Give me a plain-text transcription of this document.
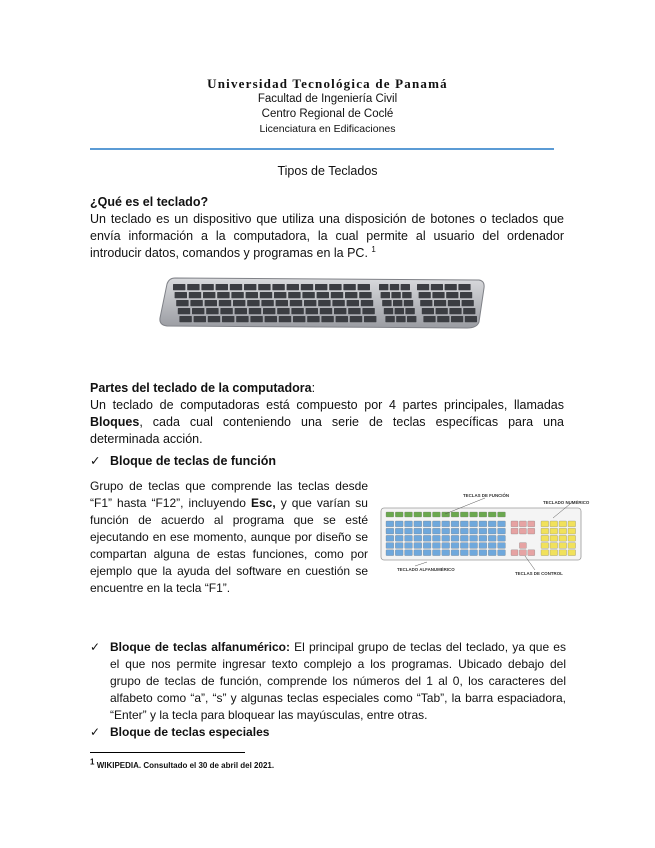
Universidad Tecnológica de Panamá
Facultad de Ingeniería Civil
Centro Regional de Coclé
Licenciatura en Edificaciones
Tipos de Teclados
¿Qué es el teclado?

Un teclado es un dispositivo que utiliza una disposición de botones o teclados que envía información a la computadora, la cual permite al usuario del ordenador introducir datos, comandos y programas en la PC. $^1$

Partes del teclado de la computadora:

Un teclado de computadoras está compuesto por 4 partes principales, llamadas Bloques, cada cual conteniendo una serie de teclas específicas para una determinada acción.

✓ Bloque de teclas de función
Grupo de teclas que comprende las teclas desde “F1” hasta “F12”, incluyendo Esc, y que varían su función de acuerdo al programa que se esté ejecutando en ese momento, aunque por diseño se compartan alguna de estas funciones, como por ejemplo que la ayuda del software en cuestión se encuentre en la tecla “F1”.
TECLAS DE FUNCIÓN
TECLADO NUMÉRICO
TECLADO ALFANUMÉRICO
TECLAS DE CONTROL
✓ Bloque de teclas alfanumérico: El principal grupo de teclas del teclado, ya que es el que nos permite ingresar texto complejo a los programas. Ubicado debajo del grupo de teclas de función, comprende los números del 1 al 0, los caracteres del alfabeto como “a”, “s” y algunas teclas especiales como “Tab”, la barra espaciadora, “Enter” y la tecla para bloquear las mayúsculas, entre otras.
✓ Bloque de teclas especiales
$^1$ WIKIPEDIA. Consultado el 30 de abril del 2021.
